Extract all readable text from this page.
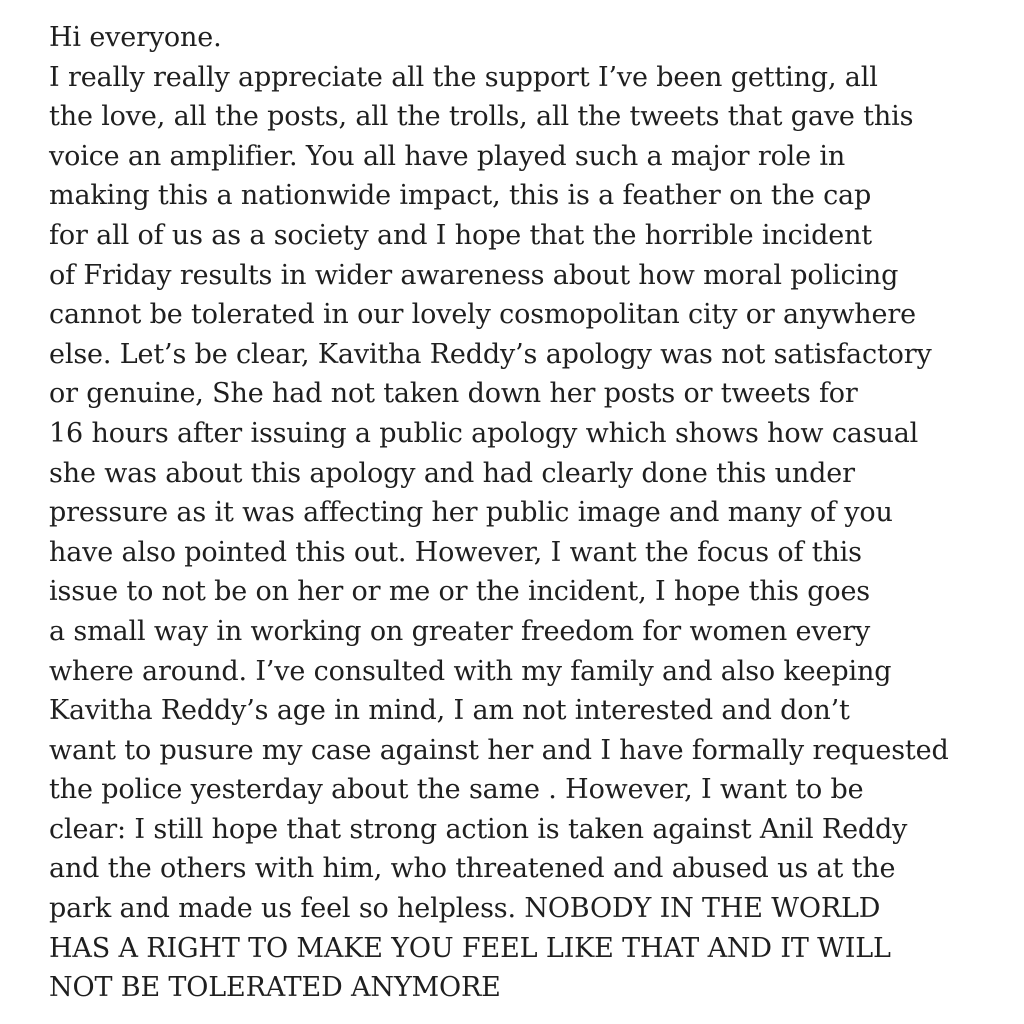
Hi everyone.
I really really appreciate all the support I’ve been getting, all
the love, all the posts, all the trolls, all the tweets that gave this
voice an amplifier. You all have played such a major role in
making this a nationwide impact, this is a feather on the cap
for all of us as a society and I hope that the horrible incident
of Friday results in wider awareness about how moral policing
cannot be tolerated in our lovely cosmopolitan city or anywhere
else. Let’s be clear, Kavitha Reddy’s apology was not satisfactory
or genuine, She had not taken down her posts or tweets for
16 hours after issuing a public apology which shows how casual
she was about this apology and had clearly done this under
pressure as it was affecting her public image and many of you
have also pointed this out. However, I want the focus of this
issue to not be on her or me or the incident, I hope this goes
a small way in working on greater freedom for women every
where around. I’ve consulted with my family and also keeping
Kavitha Reddy’s age in mind, I am not interested and don’t
want to pusure my case against her and I have formally requested
the police yesterday about the same . However, I want to be
clear: I still hope that strong action is taken against Anil Reddy
and the others with him, who threatened and abused us at the
park and made us feel so helpless. NOBODY IN THE WORLD
HAS A RIGHT TO MAKE YOU FEEL LIKE THAT AND IT WILL
NOT BE TOLERATED ANYMORE
